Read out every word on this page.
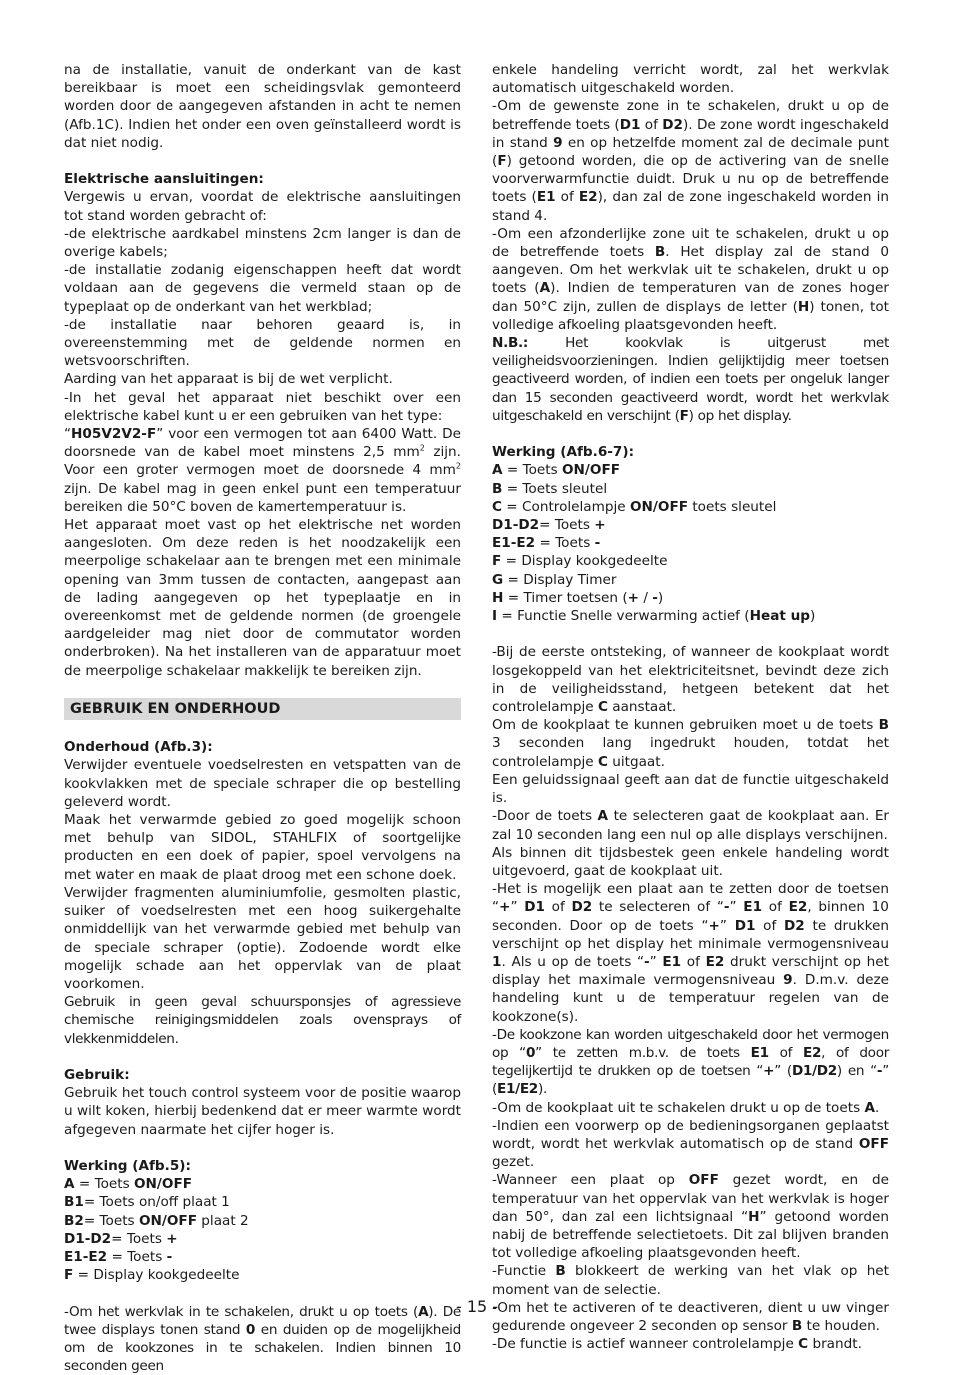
na de installatie, vanuit de onderkant van de kast bereikbaar is moet een scheidingsvlak gemonteerd worden door de aangegeven afstanden in acht te nemen (Afb.1C). Indien het onder een oven geïnstalleerd wordt is dat niet nodig.

Elektrische aansluitingen:

Vergewis u ervan, voordat de elektrische aansluitingen tot stand worden gebracht of:

-de elektrische aardkabel minstens 2cm langer is dan de overige kabels;

-de installatie zodanig eigenschappen heeft dat wordt voldaan aan de gegevens die vermeld staan op de typeplaat op de onderkant van het werkblad;

-de installatie naar behoren geaard is, in overeenstemming met de geldende normen en wetsvoorschriften.

Aarding van het apparaat is bij de wet verplicht.

-In het geval het apparaat niet beschikt over een elektrische kabel kunt u er een gebruiken van het type:

“H05V2V2-F” voor een vermogen tot aan 6400 Watt. De doorsnede van de kabel moet minstens 2,5 $mm^2$ zijn. Voor een groter vermogen moet de doorsnede 4 $mm^2$ zijn. De kabel mag in geen enkel punt een temperatuur bereiken die 50°C boven de kamertemperatuur is.

Het apparaat moet vast op het elektrische net worden aangesloten. Om deze reden is het noodzakelijk een meerpolige schakelaar aan te brengen met een minimale opening van 3mm tussen de contacten, aangepast aan de lading aangegeven op het typeplaatje en in overeenkomst met de geldende normen (de groengele aardgeleider mag niet door de commutator worden onderbroken). Na het installeren van de apparatuur moet de meerpolige schakelaar makkelijk te bereiken zijn.

GEBRUIK EN ONDERHOUD

Onderhoud (Afb.3):

Verwijder eventuele voedselresten en vetspatten van de kookvlakken met de speciale schraper die op bestelling geleverd wordt.

Maak het verwarmde gebied zo goed mogelijk schoon met behulp van SIDOL, STAHLFIX of soortgelijke producten en een doek of papier, spoel vervolgens na met water en maak de plaat droog met een schone doek.

Verwijder fragmenten aluminiumfolie, gesmolten plastic, suiker of voedselresten met een hoog suikergehalte onmiddellijk van het verwarmde gebied met behulp van de speciale schraper (optie). Zodoende wordt elke mogelijk schade aan het oppervlak van de plaat voorkomen.

Gebruik in geen geval schuursponsjes of agressieve chemische reinigingsmiddelen zoals ovensprays of vlekkenmiddelen.

Gebruik:

Gebruik het touch control systeem voor de positie waarop u wilt koken, hierbij bedenkend dat er meer warmte wordt afgegeven naarmate het cijfer hoger is.

Werking (Afb.5):

A = Toets ON/OFF

B1= Toets on/off plaat 1

B2= Toets ON/OFF plaat 2

D1-D2= Toets +

E1-E2 = Toets -

F = Display kookgedeelte

-Om het werkvlak in te schakelen, drukt u op toets (A). De twee displays tonen stand 0 en duiden op de mogelijkheid om de kookzones in te schakelen. Indien binnen 10 seconden geen

enkele handeling verricht wordt, zal het werkvlak automatisch uitgeschakeld worden.

-Om de gewenste zone in te schakelen, drukt u op de betreffende toets (D1 of D2). De zone wordt ingeschakeld in stand 9 en op hetzelfde moment zal de decimale punt (F) getoond worden, die op de activering van de snelle voorverwarmfunctie duidt. Druk u nu op de betreffende toets (E1 of E2), dan zal de zone ingeschakeld worden in stand 4.

-Om een afzonderlijke zone uit te schakelen, drukt u op de betreffende toets B. Het display zal de stand 0 aangeven. Om het werkvlak uit te schakelen, drukt u op toets (A). Indien de temperaturen van de zones hoger dan 50°C zijn, zullen de displays de letter (H) tonen, tot volledige afkoeling plaatsgevonden heeft.

N.B.: Het kookvlak is uitgerust met veiligheidsvoorzieningen. Indien gelijktijdig meer toetsen geactiveerd worden, of indien een toets per ongeluk langer dan 15 seconden geactiveerd wordt, wordt het werkvlak uitgeschakeld en verschijnt (F) op het display.

Werking (Afb.6-7):

A = Toets ON/OFF

B = Toets sleutel

C = Controlelampje ON/OFF toets sleutel

D1-D2= Toets +

E1-E2 = Toets -

F = Display kookgedeelte

G = Display Timer

H = Timer toetsen (+ / -)

I = Functie Snelle verwarming actief (Heat up)

-Bij de eerste ontsteking, of wanneer de kookplaat wordt losgekoppeld van het elektriciteitsnet, bevindt deze zich in de veiligheidsstand, hetgeen betekent dat het controlelampje C aanstaat.

Om de kookplaat te kunnen gebruiken moet u de toets B 3 seconden lang ingedrukt houden, totdat het controlelampje C uitgaat.

Een geluidssignaal geeft aan dat de functie uitgeschakeld is.

-Door de toets A te selecteren gaat de kookplaat aan. Er zal 10 seconden lang een nul op alle displays verschijnen.

Als binnen dit tijdsbestek geen enkele handeling wordt uitgevoerd, gaat de kookplaat uit.

-Het is mogelijk een plaat aan te zetten door de toetsen “+” D1 of D2 te selecteren of “-” E1 of E2, binnen 10 seconden. Door op de toets “+” D1 of D2 te drukken verschijnt op het display het minimale vermogensniveau 1. Als u op de toets “-” E1 of E2 drukt verschijnt op het display het maximale vermogensniveau 9. D.m.v. deze handeling kunt u de temperatuur regelen van de kookzone(s).

-De kookzone kan worden uitgeschakeld door het vermogen op “0” te zetten m.b.v. de toets E1 of E2, of door tegelijkertijd te drukken op de toetsen “+” (D1/D2) en “-” (E1/E2).

-Om de kookplaat uit te schakelen drukt u op de toets A.

-Indien een voorwerp op de bedieningsorganen geplaatst wordt, wordt het werkvlak automatisch op de stand OFF gezet.

-Wanneer een plaat op OFF gezet wordt, en de temperatuur van het oppervlak van het werkvlak is hoger dan 50°, dan zal een lichtsignaal “H” getoond worden nabij de betreffende selectietoets. Dit zal blijven branden tot volledige afkoeling plaatsgevonden heeft.

-Functie B blokkeert de werking van het vlak op het moment van de selectie.

-Om het te activeren of te deactiveren, dient u uw vinger gedurende ongeveer 2 seconden op sensor B te houden.

-De functie is actief wanneer controlelampje C brandt.

- 15 -
